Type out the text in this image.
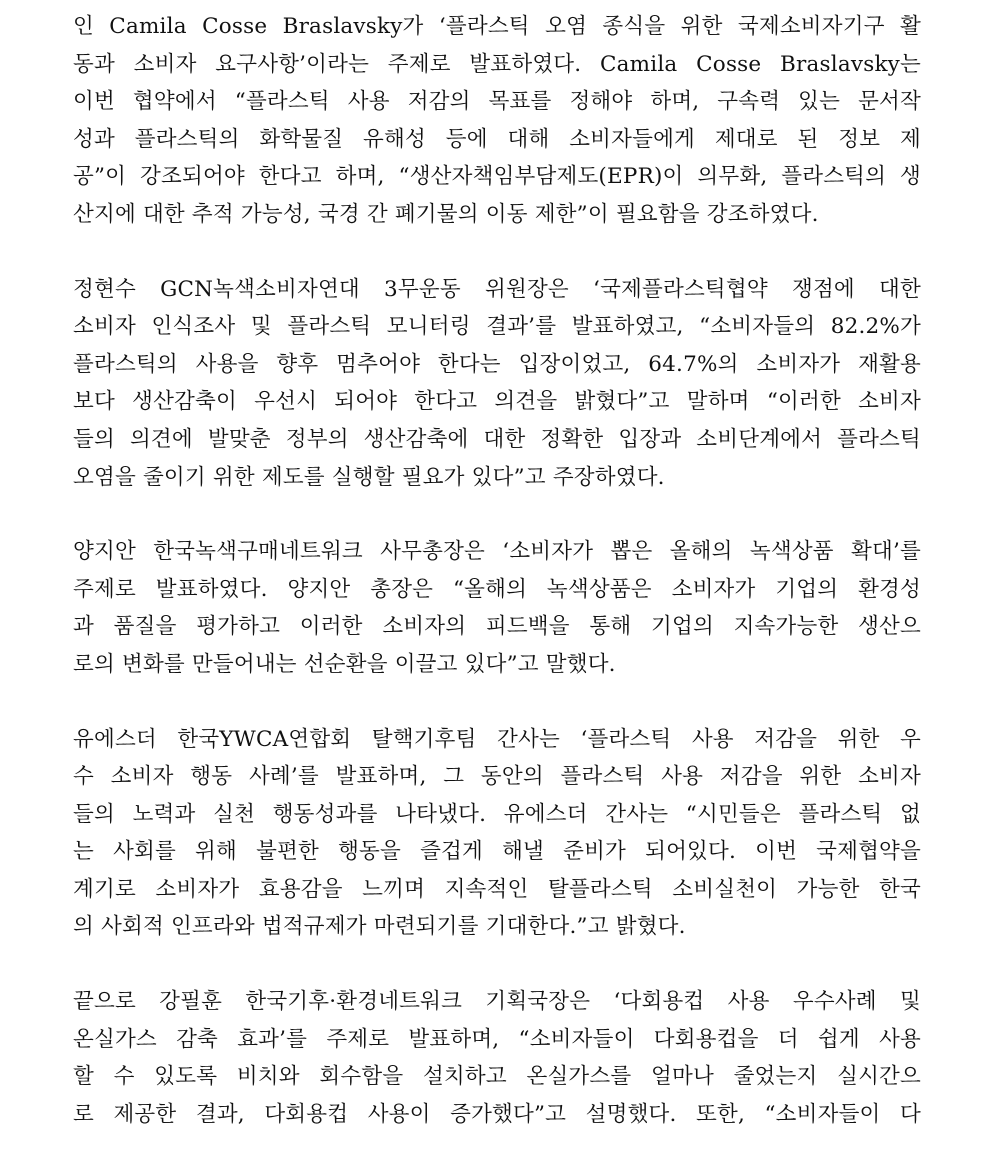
인 Camila Cosse Braslavsky가 ‘플라스틱 오염 종식을 위한 국제소비자기구 활
동과 소비자 요구사항’이라는 주제로 발표하였다. Camila Cosse Braslavsky는
이번 협약에서 “플라스틱 사용 저감의 목표를 정해야 하며, 구속력 있는 문서작
성과 플라스틱의 화학물질 유해성 등에 대해 소비자들에게 제대로 된 정보 제
공”이 강조되어야 한다고 하며, “생산자책임부담제도(EPR)이 의무화, 플라스틱의 생
산지에 대한 추적 가능성, 국경 간 폐기물의 이동 제한”이 필요함을 강조하였다.
정현수 GCN녹색소비자연대 3무운동 위원장은 ‘국제플라스틱협약 쟁점에 대한
소비자 인식조사 및 플라스틱 모니터링 결과’를 발표하였고, “소비자들의 82.2%가
플라스틱의 사용을 향후 멈추어야 한다는 입장이었고, 64.7%의 소비자가 재활용
보다 생산감축이 우선시 되어야 한다고 의견을 밝혔다”고 말하며 “이러한 소비자
들의 의견에 발맞춘 정부의 생산감축에 대한 정확한 입장과 소비단계에서 플라스틱
오염을 줄이기 위한 제도를 실행할 필요가 있다”고 주장하였다.
양지안 한국녹색구매네트워크 사무총장은 ‘소비자가 뽑은 올해의 녹색상품 확대’를
주제로 발표하였다. 양지안 총장은 “올해의 녹색상품은 소비자가 기업의 환경성
과 품질을 평가하고 이러한 소비자의 피드백을 통해 기업의 지속가능한 생산으
로의 변화를 만들어내는 선순환을 이끌고 있다”고 말했다.
유에스더 한국YWCA연합회 탈핵기후팀 간사는 ‘플라스틱 사용 저감을 위한 우
수 소비자 행동 사례’를 발표하며, 그 동안의 플라스틱 사용 저감을 위한 소비자
들의 노력과 실천 행동성과를 나타냈다. 유에스더 간사는 “시민들은 플라스틱 없
는 사회를 위해 불편한 행동을 즐겁게 해낼 준비가 되어있다. 이번 국제협약을
계기로 소비자가 효용감을 느끼며 지속적인 탈플라스틱 소비실천이 가능한 한국
의 사회적 인프라와 법적규제가 마련되기를 기대한다.”고 밝혔다.
끝으로 강필훈 한국기후·환경네트워크 기획국장은 ‘다회용컵 사용 우수사례 및
온실가스 감축 효과’를 주제로 발표하며, “소비자들이 다회용컵을 더 쉽게 사용
할 수 있도록 비치와 회수함을 설치하고 온실가스를 얼마나 줄었는지 실시간으
로 제공한 결과, 다회용컵 사용이 증가했다”고 설명했다. 또한, “소비자들이 다
